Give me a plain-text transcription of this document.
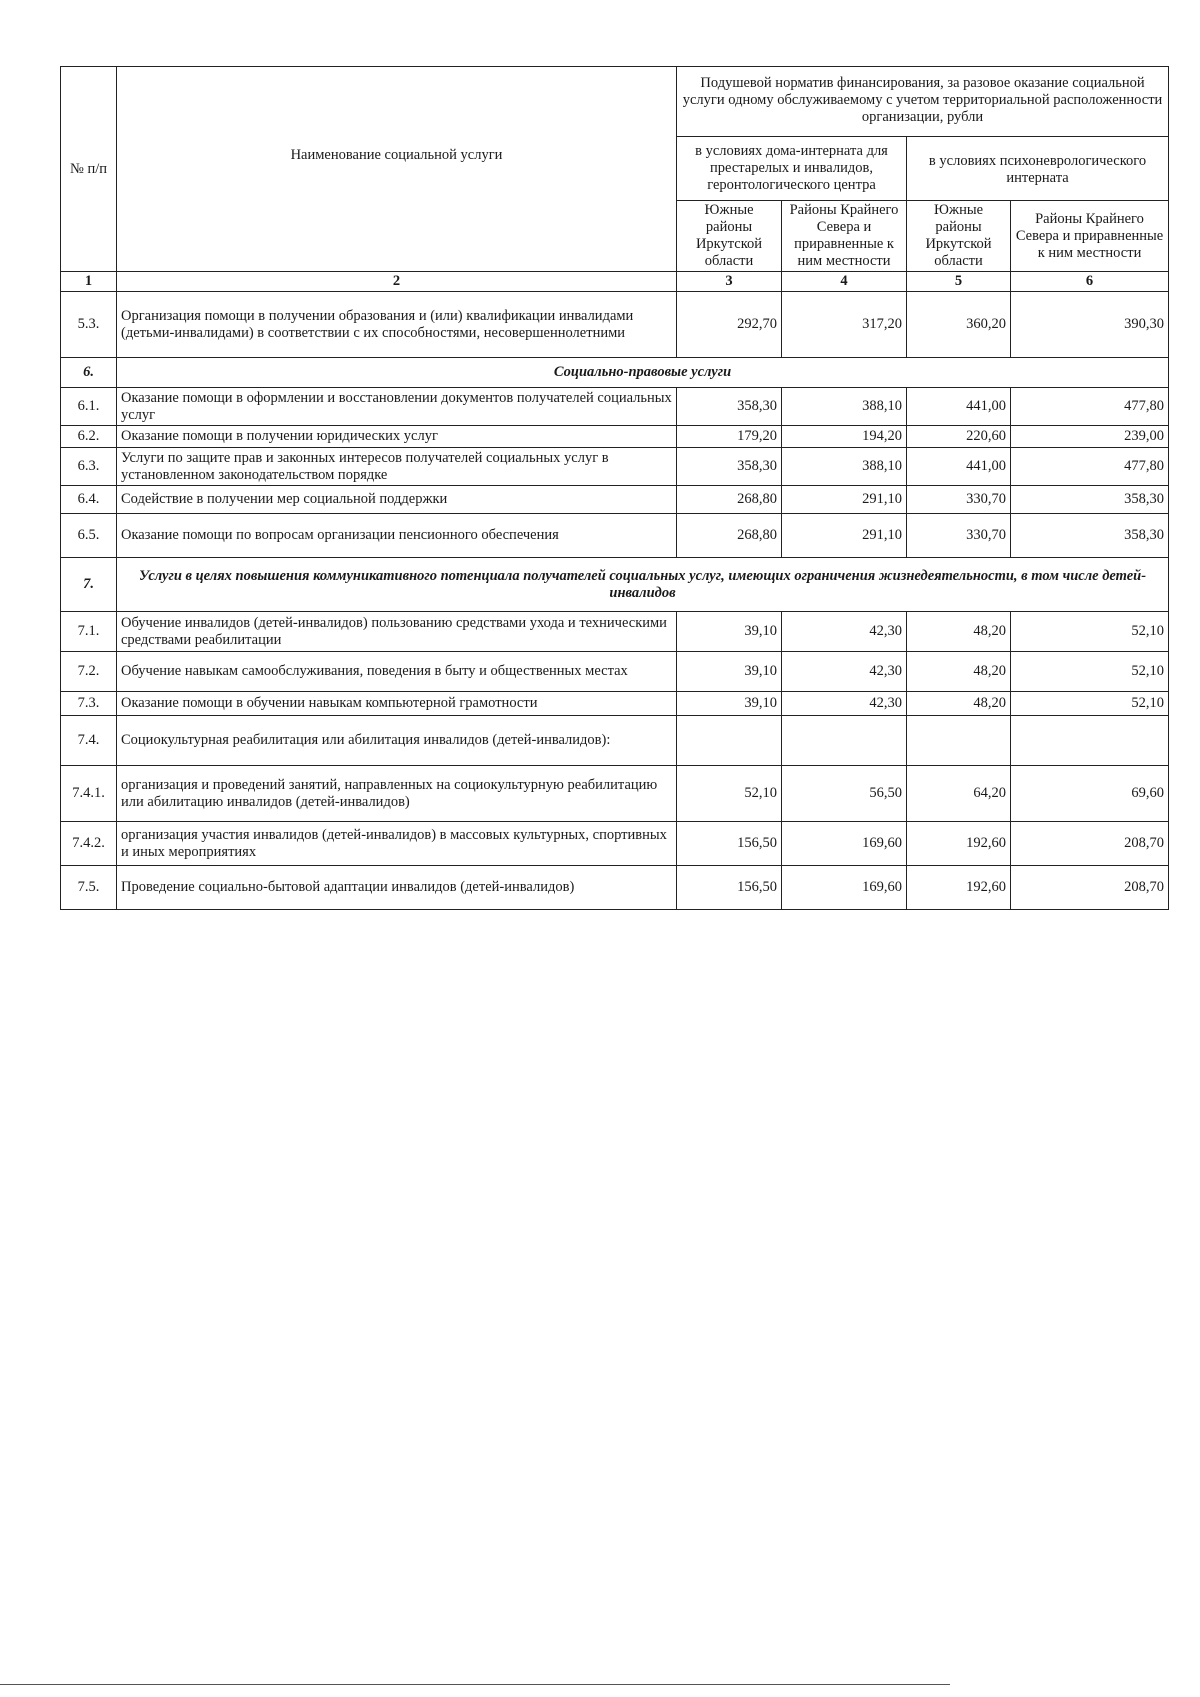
№ п/п	Наименование социальной услуги	Подушевой норматив финансирования, за разовое оказание социальной услуги одному обслуживаемому с учетом территориальной расположенности организации, рубли			
		в условиях дома-интерната для престарелых и инвалидов, геронтологического центра		в условиях психоневрологического интерната	
		Южные районы Иркутской области	Районы Крайнего Севера и приравненные к ним местности	Южные районы Иркутской области	Районы Крайнего Севера и приравненные к ним местности
1	2	3	4	5	6
5.3.	Организация помощи в получении образования и (или) квалификации инвалидами (детьми-инвалидами) в соответствии с их способностями, несовершеннолетними	292,70	317,20	360,20	390,30
6.	Социально-правовые услуги				
6.1.	Оказание помощи в оформлении и восстановлении документов получателей социальных услуг	358,30	388,10	441,00	477,80
6.2.	Оказание помощи в получении юридических услуг	179,20	194,20	220,60	239,00
6.3.	Услуги по защите прав и законных интересов получателей социальных услуг в установленном законодательством порядке	358,30	388,10	441,00	477,80
6.4.	Содействие в получении мер социальной поддержки	268,80	291,10	330,70	358,30
6.5.	Оказание помощи по вопросам организации пенсионного обеспечения	268,80	291,10	330,70	358,30
7.	Услуги в целях повышения коммуникативного потенциала получателей социальных услуг, имеющих ограничения жизнедеятельности, в том числе детей-инвалидов				
7.1.	Обучение инвалидов (детей-инвалидов) пользованию средствами ухода и техническими средствами реабилитации	39,10	42,30	48,20	52,10
7.2.	Обучение навыкам самообслуживания, поведения в быту и общественных местах	39,10	42,30	48,20	52,10
7.3.	Оказание помощи в обучении навыкам компьютерной грамотности	39,10	42,30	48,20	52,10
7.4.	Социокультурная реабилитация или абилитация инвалидов (детей-инвалидов):				
7.4.1.	организация и проведений занятий, направленных на социокультурную реабилитацию или абилитацию инвалидов (детей-инвалидов)	52,10	56,50	64,20	69,60
7.4.2.	организация участия инвалидов (детей-инвалидов) в массовых культурных, спортивных и иных мероприятиях	156,50	169,60	192,60	208,70
7.5.	Проведение социально-бытовой адаптации инвалидов (детей-инвалидов)	156,50	169,60	192,60	208,70
